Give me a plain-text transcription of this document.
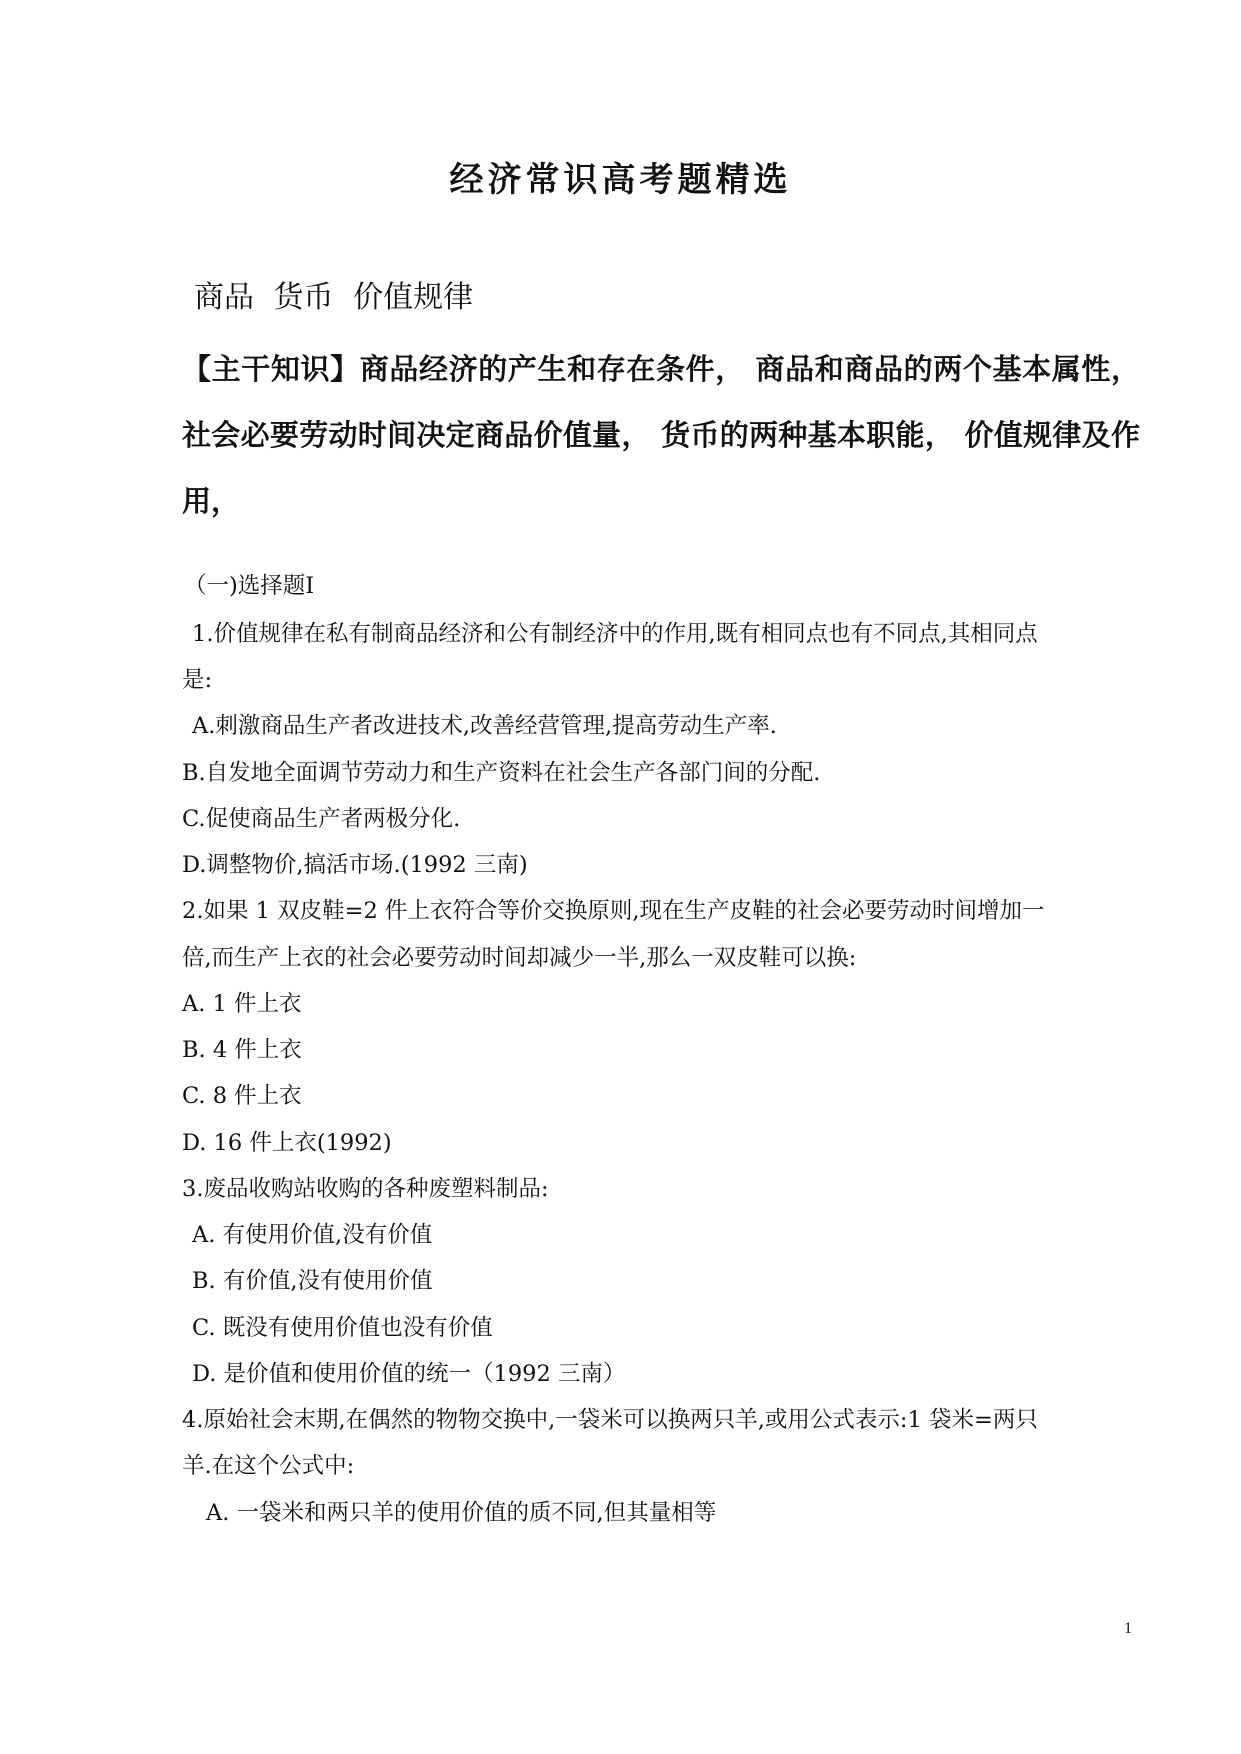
经济常识高考题精选
商品 货币 价值规律
【主干知识】商品经济的产生和存在条件， 商品和商品的两个基本属性，社会必要劳动时间决定商品价值量， 货币的两种基本职能， 价值规律及作用，
（一)选择题Ⅰ
1.价值规律在私有制商品经济和公有制经济中的作用,既有相同点也有不同点,其相同点
是:
A.刺激商品生产者改进技术,改善经营管理,提高劳动生产率.
B.自发地全面调节劳动力和生产资料在社会生产各部门间的分配.
C.促使商品生产者两极分化.
D.调整物价,搞活市场.(1992 三南)
2.如果 1 双皮鞋=2 件上衣符合等价交换原则,现在生产皮鞋的社会必要劳动时间增加一
倍,而生产上衣的社会必要劳动时间却减少一半,那么一双皮鞋可以换:
A. 1 件上衣
B. 4 件上衣
C. 8 件上衣
D. 16 件上衣(1992)
3.废品收购站收购的各种废塑料制品:
A. 有使用价值,没有价值
B. 有价值,没有使用价值
C. 既没有使用价值也没有价值
D. 是价值和使用价值的统一（1992 三南）
4.原始社会末期,在偶然的物物交换中,一袋米可以换两只羊,或用公式表示:1 袋米=两只
羊.在这个公式中:
A. 一袋米和两只羊的使用价值的质不同,但其量相等
1
